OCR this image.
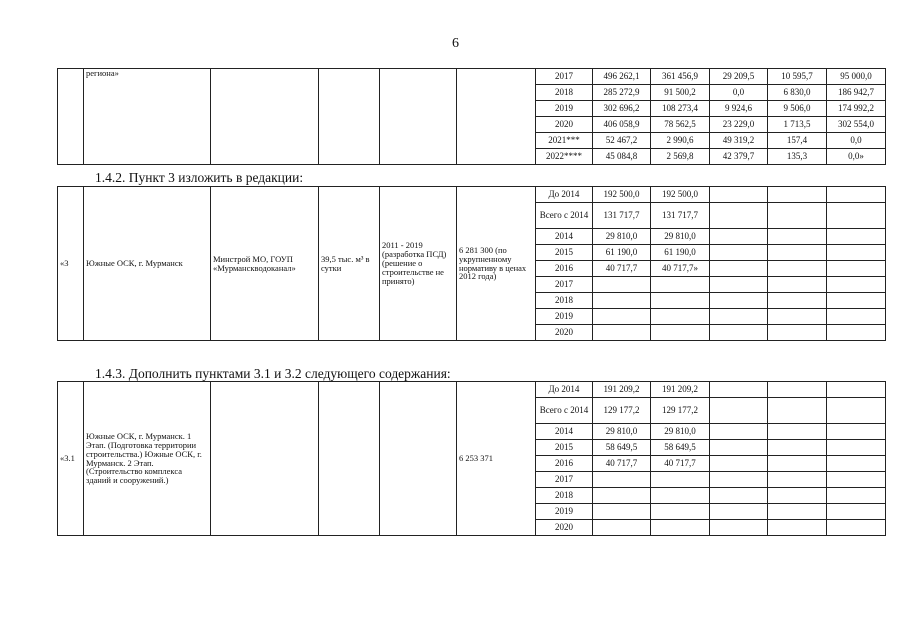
6
	региона»					2017	496 262,1	361 456,9	29 209,5	10 595,7	95 000,0
						2018	285 272,9	91 500,2	0,0	6 830,0	186 942,7
						2019	302 696,2	108 273,4	9 924,6	9 506,0	174 992,2
						2020	406 058,9	78 562,5	23 229,0	1 713,5	302 554,0
						2021***	52 467,2	2 990,6	49 319,2	157,4	0,0
						2022****	45 084,8	2 569,8	42 379,7	135,3	0,0»
1.4.2. Пункт 3 изложить в редакции:
«3	Южные ОСК, г. Мурманск	Минстрой МО, ГОУП «Мурманскводоканал»	39,5 тыс. м³ в сутки	2011 - 2019 (разработка ПСД) (решение о строительстве не принято)	6 281 300 (по укрупненному нормативу в ценах 2012 года)	До 2014	192 500,0	192 500,0			
						Всего с 2014	131 717,7	131 717,7			
						2014	29 810,0	29 810,0			
						2015	61 190,0	61 190,0			
						2016	40 717,7	40 717,7»			
						2017					
						2018					
						2019					
						2020					
1.4.3. Дополнить пунктами 3.1 и 3.2 следующего содержания:
«3.1	Южные ОСК, г. Мурманск. 1 Этап. (Подготовка территории строительства.) Южные ОСК, г. Мурманск. 2 Этап. (Строительство комплекса зданий и сооружений.)				6 253 371	До 2014	191 209,2	191 209,2			
						Всего с 2014	129 177,2	129 177,2			
						2014	29 810,0	29 810,0			
						2015	58 649,5	58 649,5			
						2016	40 717,7	40 717,7			
						2017					
						2018					
						2019					
						2020					
